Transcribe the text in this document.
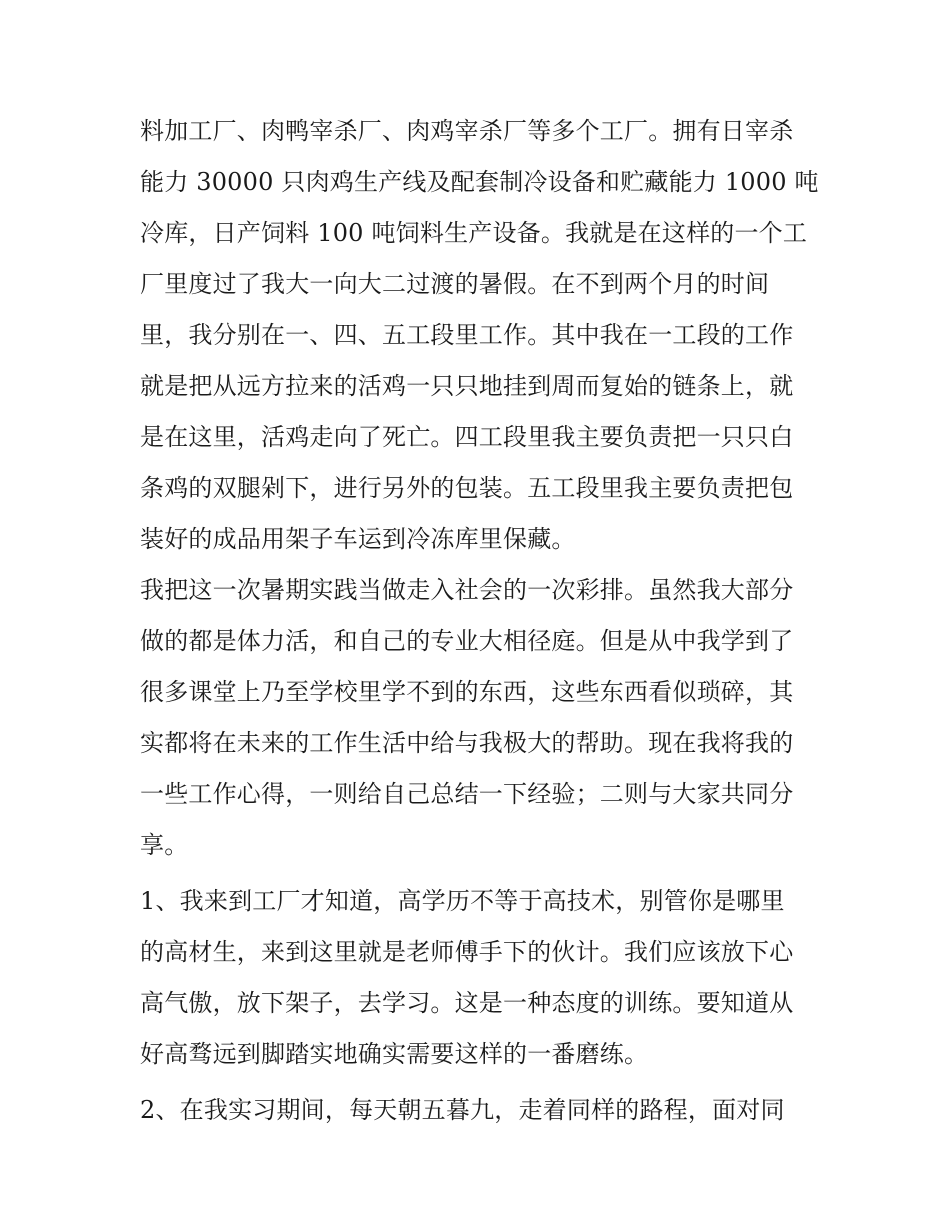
料加工厂、肉鸭宰杀厂、肉鸡宰杀厂等多个工厂。拥有日宰杀
能力 30000 只肉鸡生产线及配套制冷设备和贮藏能力 1000 吨
冷库，日产饲料 100 吨饲料生产设备。我就是在这样的一个工
厂里度过了我大一向大二过渡的暑假。在不到两个月的时间
里，我分别在一、四、五工段里工作。其中我在一工段的工作
就是把从远方拉来的活鸡一只只地挂到周而复始的链条上，就
是在这里，活鸡走向了死亡。四工段里我主要负责把一只只白
条鸡的双腿剁下，进行另外的包装。五工段里我主要负责把包
装好的成品用架子车运到冷冻库里保藏。
我把这一次暑期实践当做走入社会的一次彩排。虽然我大部分
做的都是体力活，和自己的专业大相径庭。但是从中我学到了
很多课堂上乃至学校里学不到的东西，这些东西看似琐碎，其
实都将在未来的工作生活中给与我极大的帮助。现在我将我的
一些工作心得，一则给自己总结一下经验；二则与大家共同分
享。
1、我来到工厂才知道，高学历不等于高技术，别管你是哪里
的高材生，来到这里就是老师傅手下的伙计。我们应该放下心
高气傲，放下架子，去学习。这是一种态度的训练。要知道从
好高骛远到脚踏实地确实需要这样的一番磨练。
2、在我实习期间，每天朝五暮九，走着同样的路程，面对同
